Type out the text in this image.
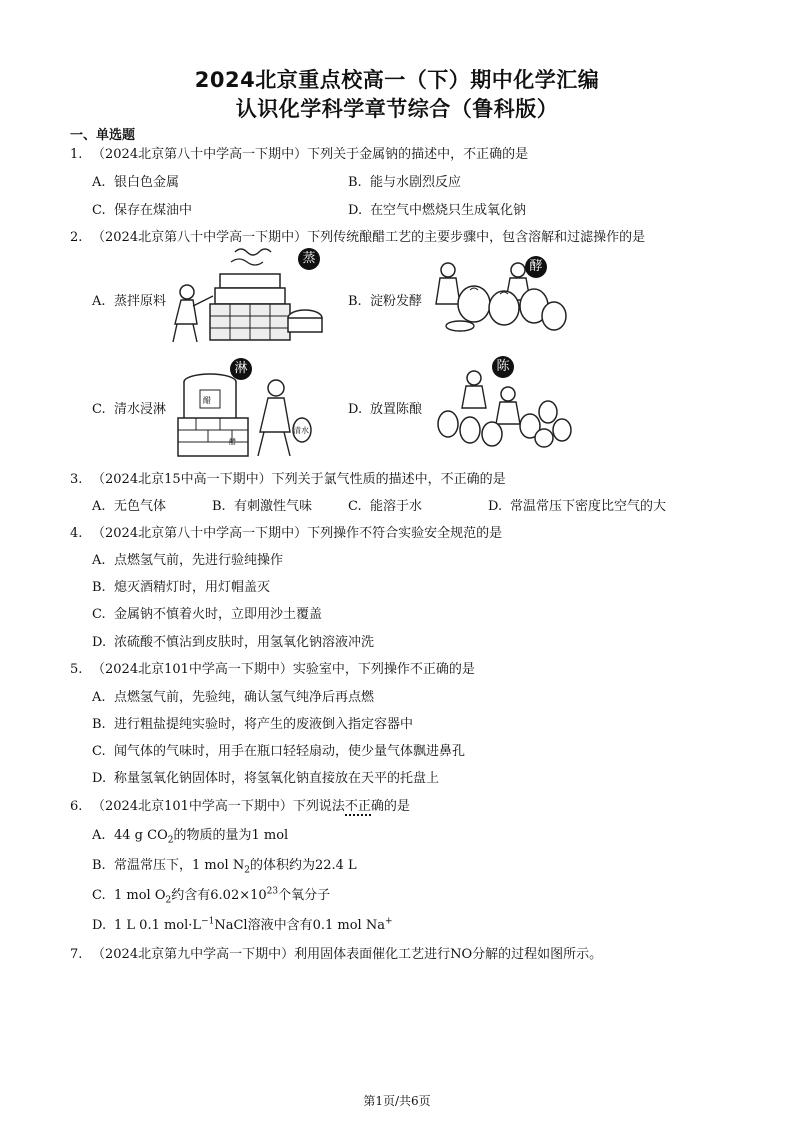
2024北京重点校高一（下）期中化学汇编
认识化学科学章节综合（鲁科版）
一、单选题
1. （2024北京第八十中学高一下期中）下列关于金属钠的描述中，不正确的是
A. 银白色金属	B. 能与水剧烈反应
C. 保存在煤油中	D. 在空气中燃烧只生成氧化钠
2. （2024北京第八十中学高一下期中）下列传统酿醋工艺的主要步骤中，包含溶解和过滤操作的是
A. 蒸拌原料	B. 淀粉发酵
C. 清水浸淋	D. 放置陈酿
蒸
酵
醋
清水
醋
淋	陈
3. （2024北京15中高一下期中）下列关于氯气性质的描述中，不正确的是
A. 无色气体	B. 有刺激性气味	C. 能溶于水	D. 常温常压下密度比空气的大
4. （2024北京第八十中学高一下期中）下列操作不符合实验安全规范的是
A. 点燃氢气前，先进行验纯操作
B. 熄灭酒精灯时，用灯帽盖灭
C. 金属钠不慎着火时，立即用沙土覆盖
D. 浓硫酸不慎沾到皮肤时，用氢氧化钠溶液冲洗
5. （2024北京101中学高一下期中）实验室中，下列操作不正确的是
A. 点燃氢气前，先验纯，确认氢气纯净后再点燃
B. 进行粗盐提纯实验时，将产生的废液倒入指定容器中
C. 闻气体的气味时，用手在瓶口轻轻扇动，使少量气体飘进鼻孔
D. 称量氢氧化钠固体时，将氢氧化钠直接放在天平的托盘上
6. （2024北京101中学高一下期中）下列说法不正确的是
A. 44 g $CO_2$的物质的量为1 mol
B. 常温常压下，1 mol $N_2$的体积约为22.4 L
C. 1 mol $O_2$约含有$6.02\times 10^{23}$个氧分子
D. 1 L 0.1 $mol\cdot L^{-1}NaCl$溶液中含有0.1 mol Na+
7. （2024北京第九中学高一下期中）利用固体表面催化工艺进行NO分解的过程如图所示。
第1页/共6页
